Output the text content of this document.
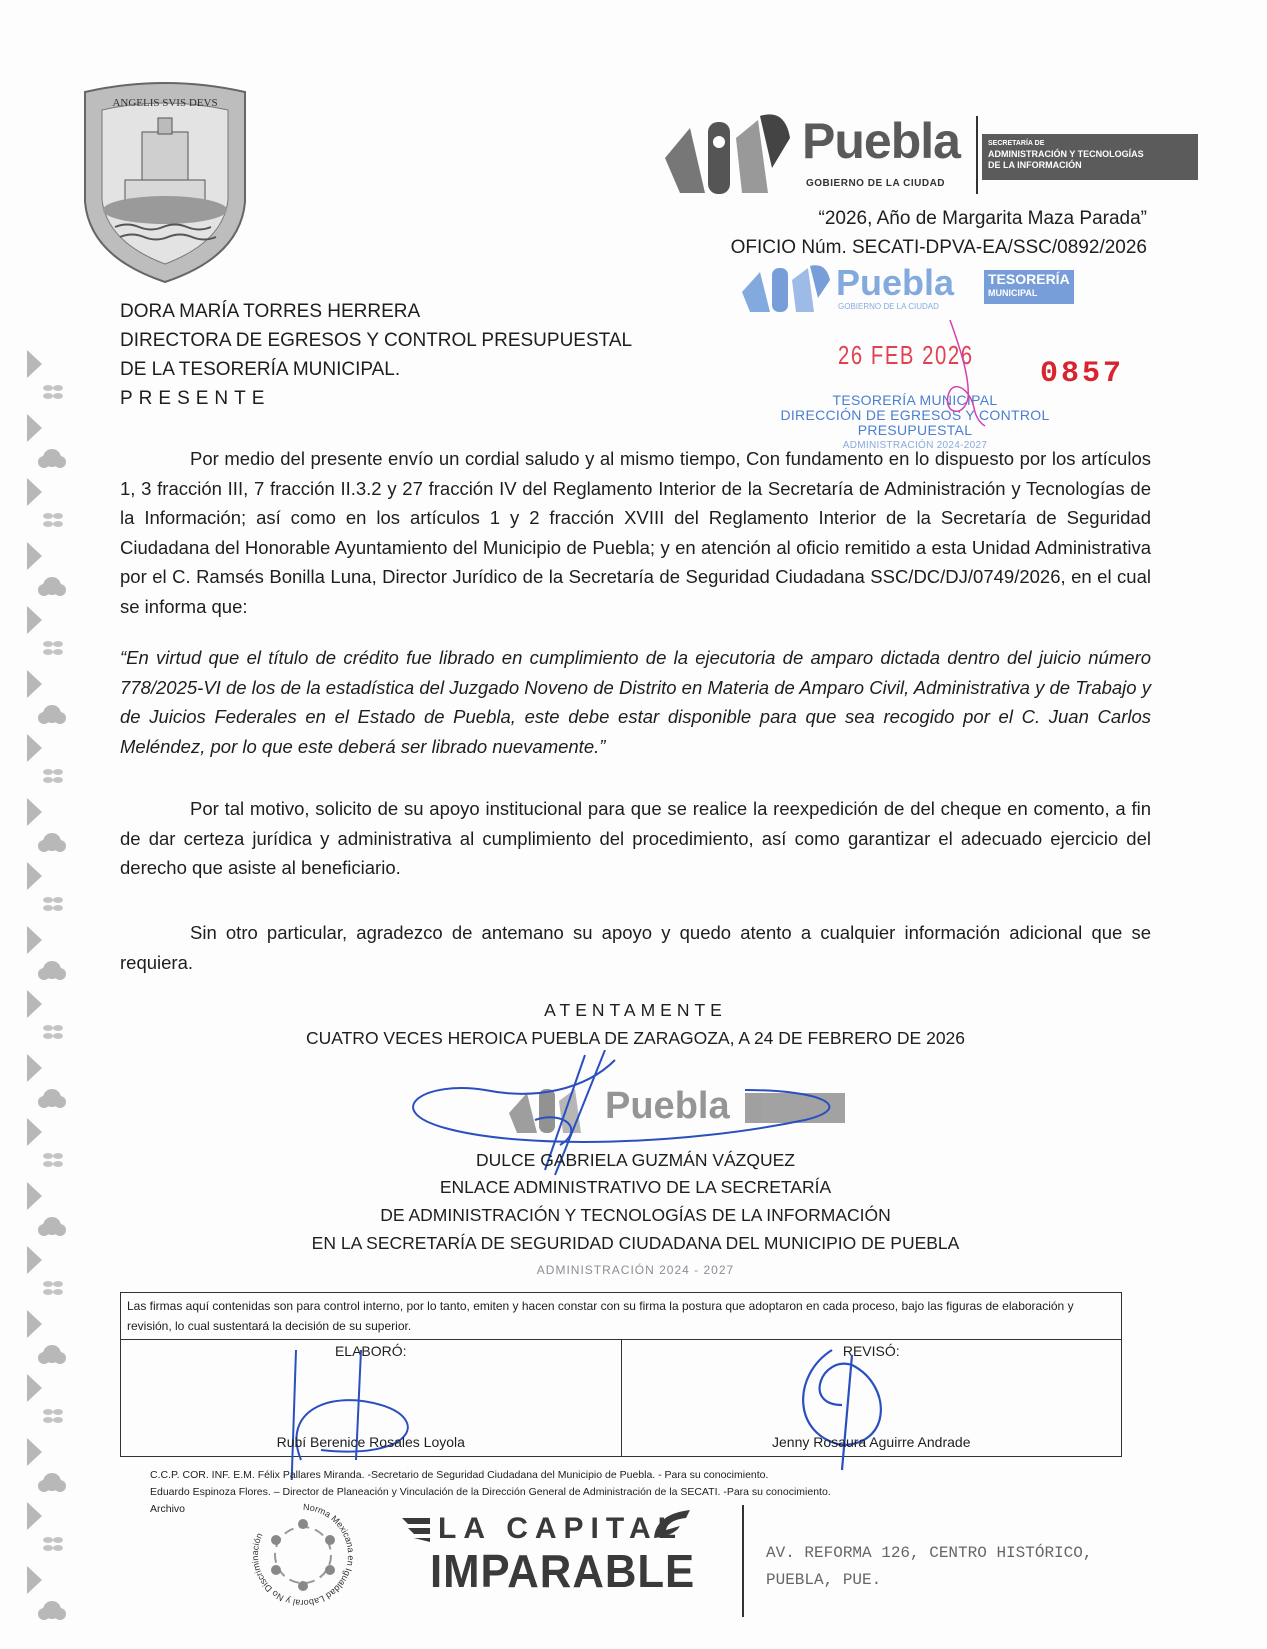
ANGELIS SVIS DEVS
Puebla
GOBIERNO DE LA CIUDAD
SECRETARÍA DE
ADMINISTRACIÓN Y TECNOLOGÍAS
DE LA INFORMACIÓN
“2026, Año de Margarita Maza Parada”
OFICIO Núm. SECATI-DPVA-EA/SSC/0892/2026
Puebla
GOBIERNO DE LA CIUDAD
TESORERÍA
MUNICIPAL
26 FEB 2026
0857
TESORERÍA MUNICIPAL
DIRECCIÓN DE EGRESOS Y CONTROL
PRESUPUESTAL
ADMINISTRACIÓN 2024-2027
DORA MARÍA TORRES HERRERA
DIRECTORA DE EGRESOS Y CONTROL PRESUPUESTAL
DE LA TESORERÍA MUNICIPAL.
PRESENTE
Por medio del presente envío un cordial saludo y al mismo tiempo, Con fundamento en lo dispuesto por los artículos 1, 3 fracción III, 7 fracción II.3.2 y 27 fracción IV del Reglamento Interior de la Secretaría de Administración y Tecnologías de la Información; así como en los artículos 1 y 2 fracción XVIII del Reglamento Interior de la Secretaría de Seguridad Ciudadana del Honorable Ayuntamiento del Municipio de Puebla; y en atención al oficio remitido a esta Unidad Administrativa por el C. Ramsés Bonilla Luna, Director Jurídico de la Secretaría de Seguridad Ciudadana SSC/DC/DJ/0749/2026, en el cual se informa que:
“En virtud que el título de crédito fue librado en cumplimiento de la ejecutoria de amparo dictada dentro del juicio número 778/2025-VI de los de la estadística del Juzgado Noveno de Distrito en Materia de Amparo Civil, Administrativa y de Trabajo y de Juicios Federales en el Estado de Puebla, este debe estar disponible para que sea recogido por el C. Juan Carlos Meléndez, por lo que este deberá ser librado nuevamente.”
Por tal motivo, solicito de su apoyo institucional para que se realice la reexpedición de del cheque en comento, a fin de dar certeza jurídica y administrativa al cumplimiento del procedimiento, así como garantizar el adecuado ejercicio del derecho que asiste al beneficiario.
Sin otro particular, agradezco de antemano su apoyo y quedo atento a cualquier información adicional que se requiera.
ATENTAMENTE
CUATRO VECES HEROICA PUEBLA DE ZARAGOZA, A 24 DE FEBRERO DE 2026
Puebla
DULCE GABRIELA GUZMÁN VÁZQUEZ
ENLACE ADMINISTRATIVO DE LA SECRETARÍA
DE ADMINISTRACIÓN Y TECNOLOGÍAS DE LA INFORMACIÓN
EN LA SECRETARÍA DE SEGURIDAD CIUDADANA DEL MUNICIPIO DE PUEBLA
ADMINISTRACIÓN 2024 - 2027
Las firmas aquí contenidas son para control interno, por lo tanto, emiten y hacen constar con su firma la postura que adoptaron en cada proceso, bajo las figuras de elaboración y revisión, lo cual sustentará la decisión de su superior.
ELABORÓ:
Rubí Berenice Rosales Loyola
REVISÓ:
Jenny Rosaura Aguirre Andrade
C.C.P. COR. INF. E.M. Félix Pallares Miranda. -Secretario de Seguridad Ciudadana del Municipio de Puebla. - Para su conocimiento.
Eduardo Espinoza Flores. – Director de Planeación y Vinculación de la Dirección General de Administración de la SECATI. -Para su conocimiento.
Archivo	Norma Mexicana en Igualdad Laboral y No Discriminación	LA CAPITAL
IMPARABLE	AV. REFORMA 126, CENTRO HISTÓRICO,
PUEBLA, PUE.
